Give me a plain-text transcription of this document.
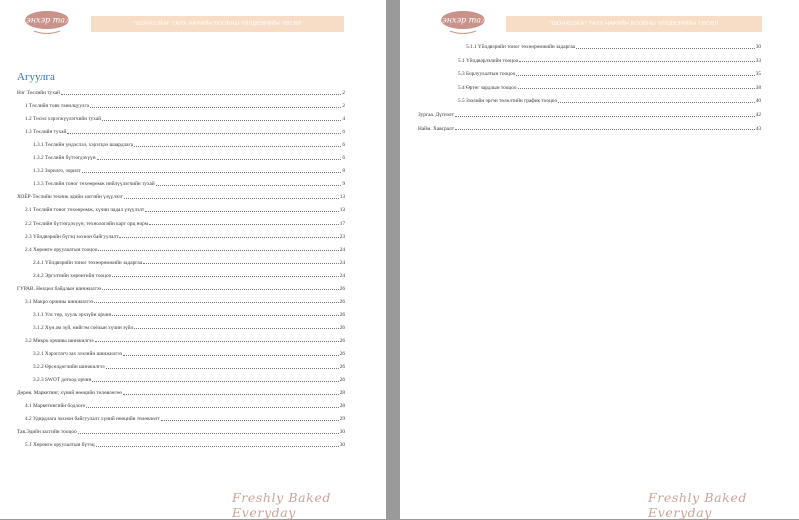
Цэнхэр талх	"ШОНХОЗЕН" ТАЛХ НАРИЙН БООВНЫ ҮЙЛДВЭРИЙН ТӨСӨЛ
Агуулга
Нэг Төслийн тухай	2
1 Төслийн товч танилцуулга	2
1.2 Төсөл хэрэгжүүлэгчийн тухай	4
1.3 Төслийн тухай	6
1.3.1 Төслийн үндэслэл, хэрэгцээ шаардлага	6
1.3.2 Төслийн бүтээгдэхүүн	6
1.3.2 Зорилго, зорилт	8
1.3.3 Төслийн тоног төхөөрөмж нийлүүлэгчийн тухай	9
ХОЁР·Төслийн техник эдийн засгийн үзүүлэлт	13
2.1 Төслийн тоног төхөөрөмж, хүчин чадал үзүүлэлт	13
2.2 Төслийн бүтээгдэхүүн, технологийн карт орц норм	17
2.3 Үйлдвэрийн бүтэц зохион байгуулалт	23
2.4 Хөрөнгө оруулалтын тооцоо	24
2.4.1 Үйлдвэрийн тоног төхөөрөмжийн задаргаа	24
2.4.2 Эргэлтийн хөрөнгийн тооцоо	24
ГУРАВ. Нөхцөл байдлын шинжилгээ	26
3.1 Макро орчины шинжилгээ	26
3.1.1 Улс төр, хууль эрхзүйн орчин	26
3.1.2 Хүн ам зүй, нийгэм соёлын хүчин зүйл	26
3.2 Микро орчины шинжилгээ	26
3.2.1 Хэрэглэгч зах зээлийн шинжилгээ	26
3.2.2 Өрсөлдөгчийн шинжилгээ	26
3.2.3 SWOT дотоод орчин	26
Дөрөв. Маркетинг, хүний нөөцийн төлөвлөгөө	28
4.1 Маркетингийн бодлого	28
4.2 Удирдлага зохион байгуулалт хүний нөөцийн төлөвлөлт	29
Тав.Эдийн засгийн тооцоо	30
5.1 Хөрөнгө оруулалтын бүтэц	30
Freshly Baked Everyday
Цэнхэр талх	"ШОНХОЗЕН" ТАЛХ НАРИЙН БООВНЫ ҮЙЛДВЭРИЙН ТӨСӨЛ
5.1.1 Үйлдвэрийн тоног төхөөрөмжийн задаргаа	30
5.1 Үйлдвэрлэлийн тооцоо	33
5.3 Борлуулалтын тооцоо	35
5.4 Өртөг зардлын тооцоо	38
5.5 Зээлийн эргэн төлөлтийн график тооцоо	40
Зургаа. Дүгнэлт	42
Найм. Хавсралт	43
Freshly Baked Everyday
